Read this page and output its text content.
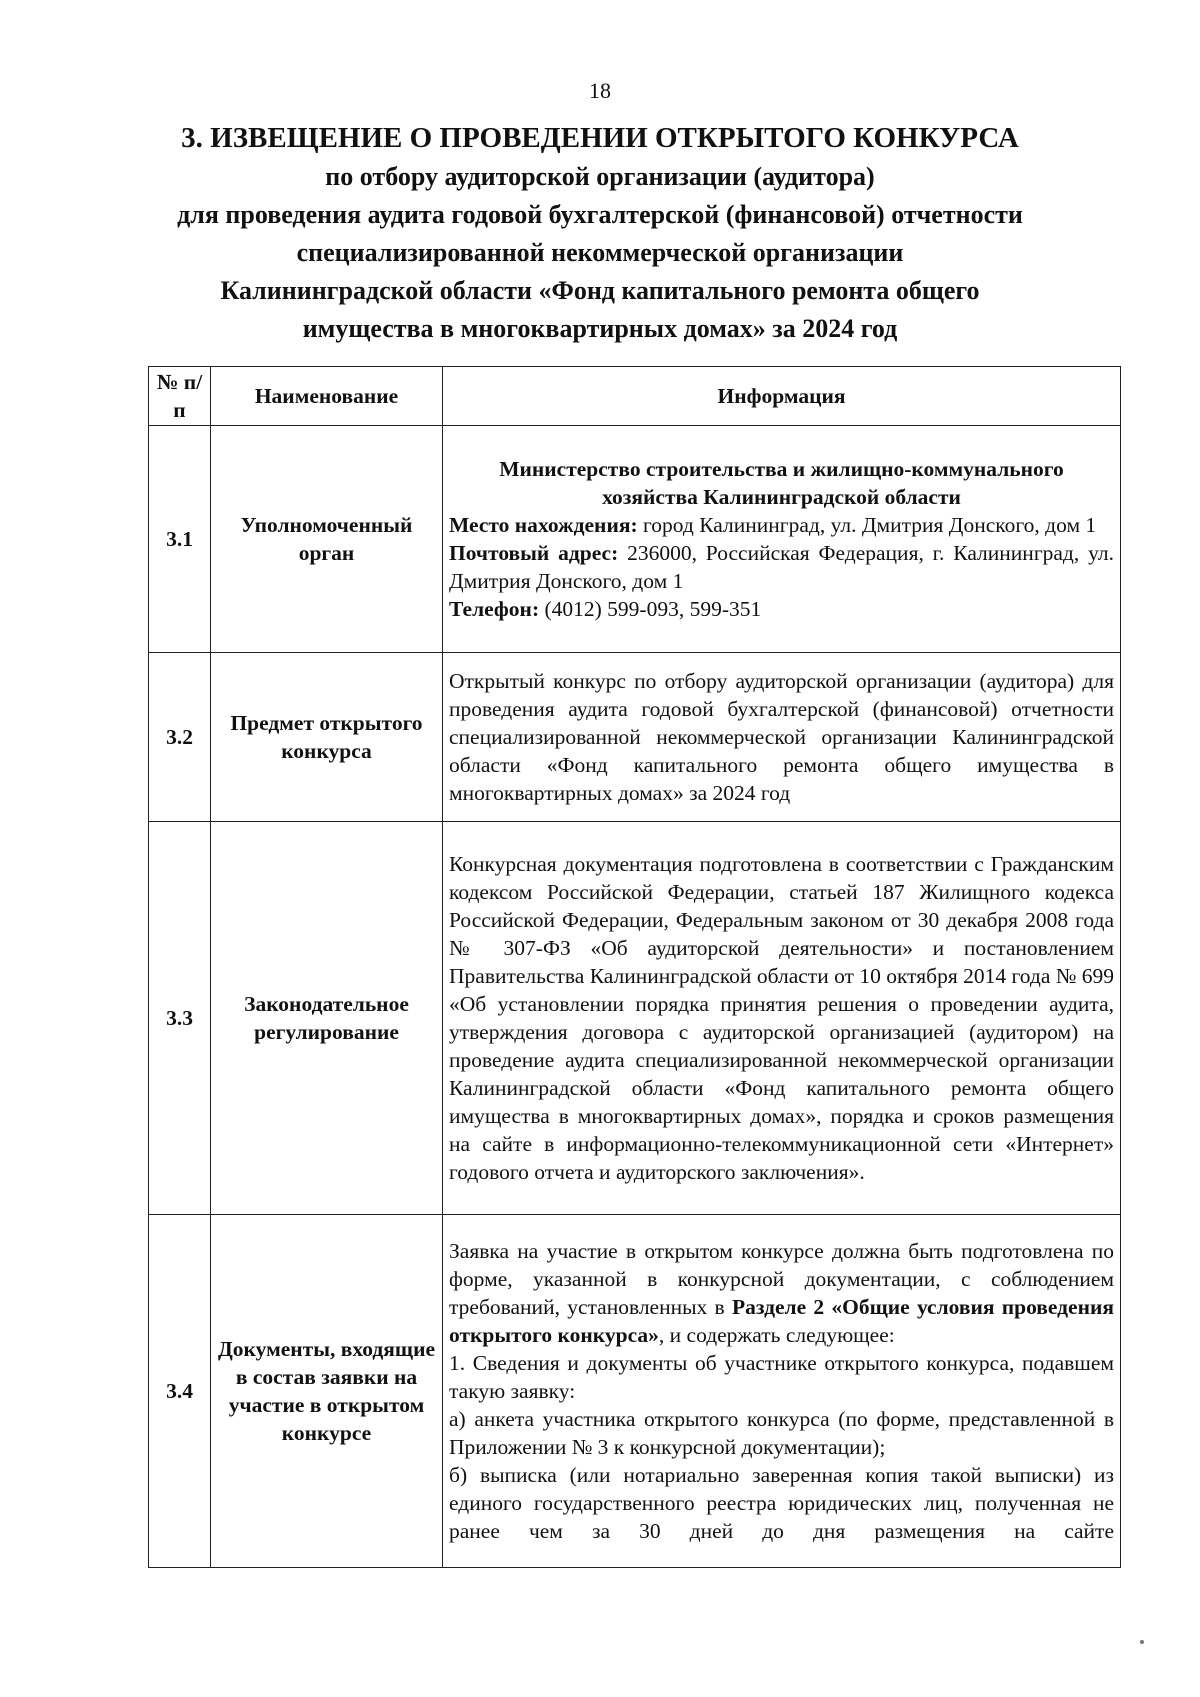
18

3. ИЗВЕЩЕНИЕ О ПРОВЕДЕНИИ ОТКРЫТОГО КОНКУРСА

по отбору аудиторской организации (аудитора)

для проведения аудита годовой бухгалтерской (финансовой) отчетности

специализированной некоммерческой организации

Калининградской области «Фонд капитального ремонта общего

имущества в многоквартирных домах» за 2024 год

№ п/п	Наименование	Информация
3.1	Уполномоченный орган	Министерство строительства и жилищно-коммунального хозяйства Калининградской области
Место нахождения: город Калининград, ул. Дмитрия Донского, дом 1
Почтовый адрес: 236000, Российская Федерация, г. Калининград, ул. Дмитрия Донского, дом 1
Телефон: (4012) 599-093, 599-351

3.2	Предмет открытого конкурса	Открытый конкурс по отбору аудиторской организации (аудитора) для проведения аудита годовой бухгалтерской (финансовой) отчетности специализированной некоммерческой организации Калининградской области «Фонд капитального ремонта общего имущества в многоквартирных домах» за 2024 год
3.3	Законодательное регулирование	Конкурсная документация подготовлена в соответствии с Гражданским кодексом Российской Федерации, статьей 187 Жилищного кодекса Российской Федерации, Федеральным законом от 30 декабря 2008 года № 307-ФЗ «Об аудиторской деятельности» и постановлением Правительства Калининградской области от 10 октября 2014 года № 699 «Об установлении порядка принятия решения о проведении аудита, утверждения договора с аудиторской организацией (аудитором) на проведение аудита специализированной некоммерческой организации Калининградской области «Фонд капитального ремонта общего имущества в многоквартирных домах», порядка и сроков размещения на сайте в информационно-телекоммуникационной сети «Интернет» годового отчета и аудиторского заключения».
3.4	Документы, входящие в состав заявки на участие в открытом конкурсе	Заявка на участие в открытом конкурсе должна быть подготовлена по форме, указанной в конкурсной документации, с соблюдением требований, установленных в Разделе 2 «Общие условия проведения открытого конкурса», и содержать следующее:
1. Сведения и документы об участнике открытого конкурса, подавшем такую заявку:
а) анкета участника открытого конкурса (по форме, представленной в Приложении № 3 к конкурсной документации);
б) выписка (или нотариально заверенная копия такой выписки) из единого государственного реестра юридических лиц, полученная не ранее чем за 30 дней до дня размещения на сайте
